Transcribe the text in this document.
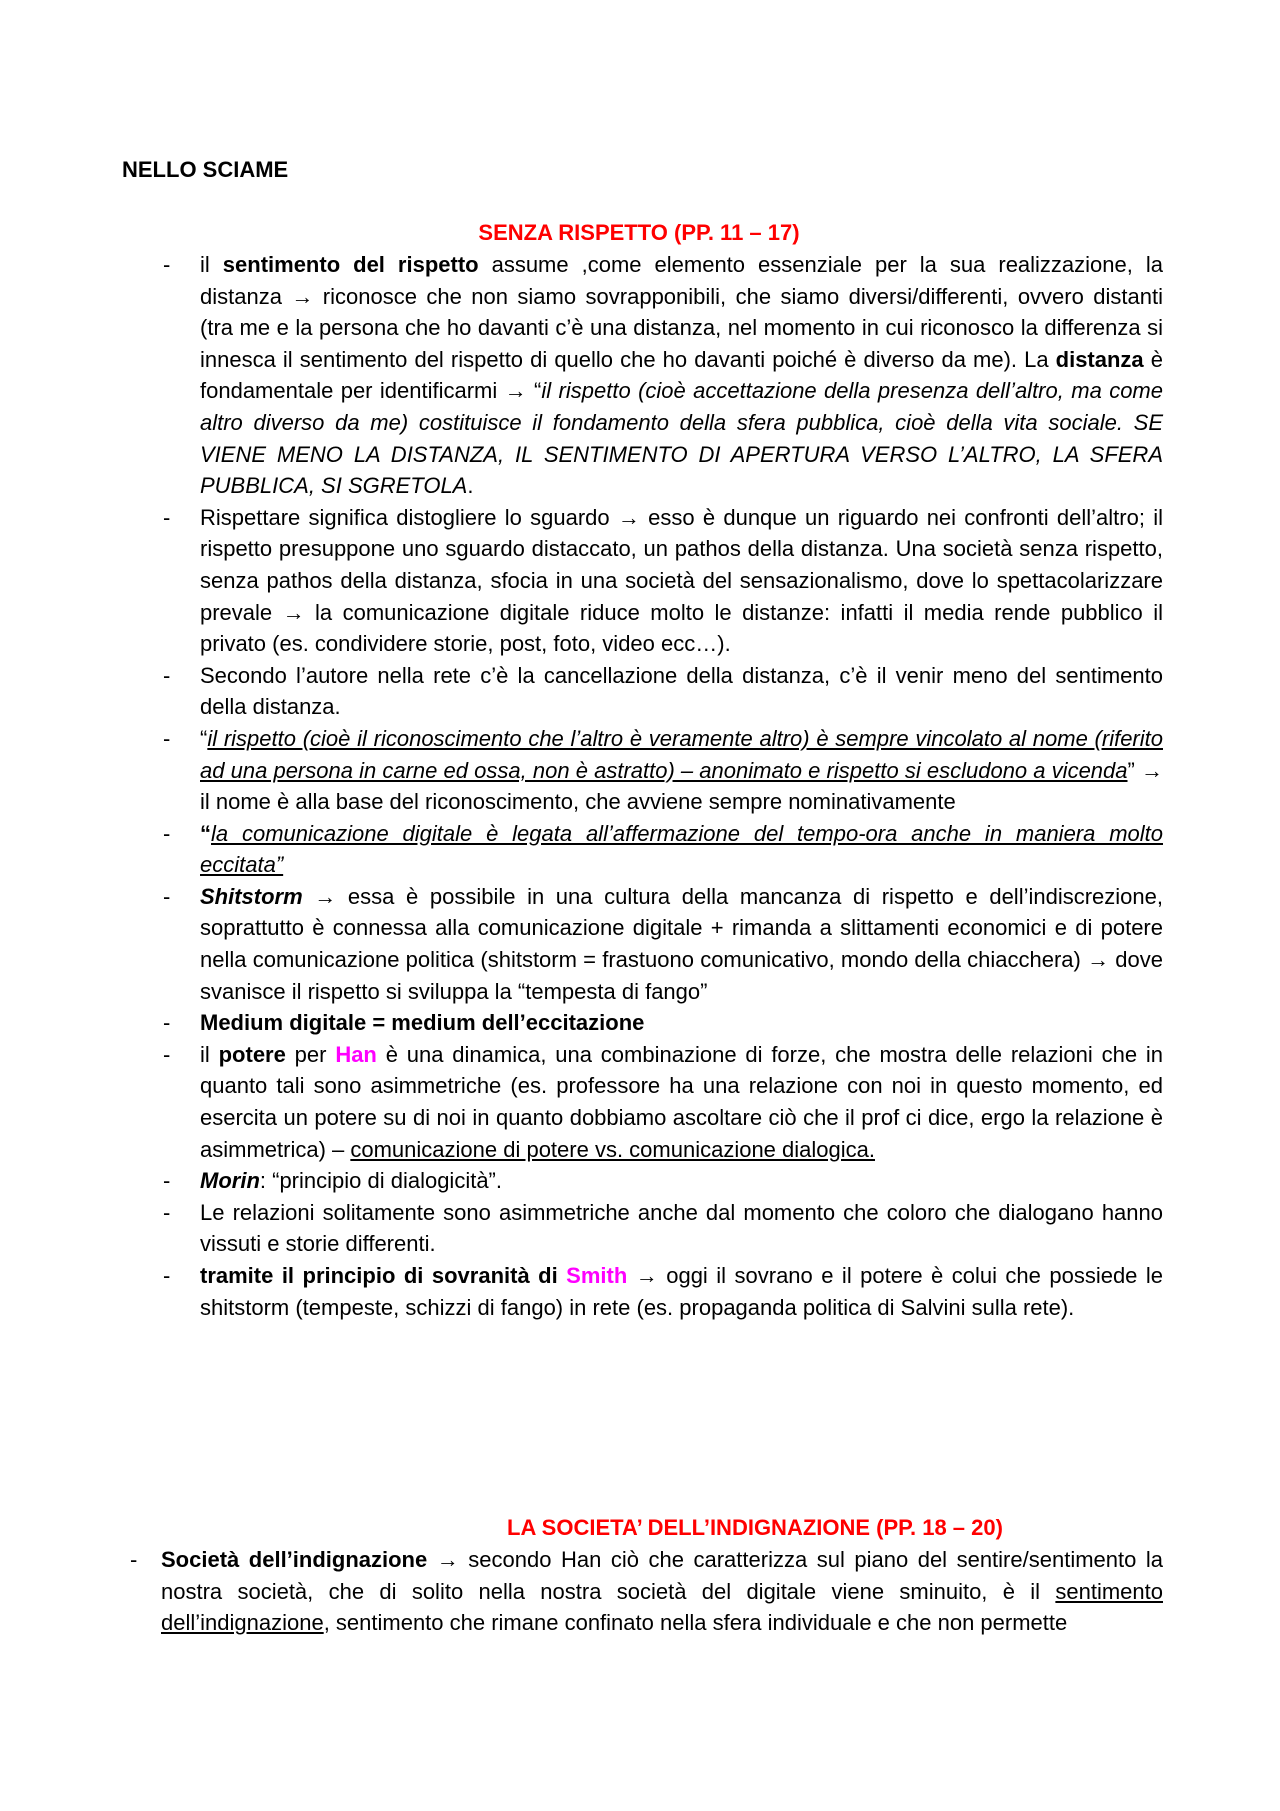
NELLO SCIAME

SENZA RISPETTO (PP. 11 – 17)

- il sentimento del rispetto assume ,come elemento essenziale per la sua realizzazione, la distanza → riconosce che non siamo sovrapponibili, che siamo diversi/differenti, ovvero distanti (tra me e la persona che ho davanti c’è una distanza, nel momento in cui riconosco la differenza si innesca il sentimento del rispetto di quello che ho davanti poiché è diverso da me). La distanza è fondamentale per identificarmi → “il rispetto (cioè accettazione della presenza dell’altro, ma come altro diverso da me) costituisce il fondamento della sfera pubblica, cioè della vita sociale. SE VIENE MENO LA DISTANZA, IL SENTIMENTO DI APERTURA VERSO L’ALTRO, LA SFERA PUBBLICA, SI SGRETOLA.
- Rispettare significa distogliere lo sguardo → esso è dunque un riguardo nei confronti dell’altro; il rispetto presuppone uno sguardo distaccato, un pathos della distanza. Una società senza rispetto, senza pathos della distanza, sfocia in una società del sensazionalismo, dove lo spettacolarizzare prevale → la comunicazione digitale riduce molto le distanze: infatti il media rende pubblico il privato (es. condividere storie, post, foto, video ecc…).
- Secondo l’autore nella rete c’è la cancellazione della distanza, c’è il venir meno del sentimento della distanza.
- “il rispetto (cioè il riconoscimento che l’altro è veramente altro) è sempre vincolato al nome (riferito ad una persona in carne ed ossa, non è astratto) – anonimato e rispetto si escludono a vicenda” → il nome è alla base del riconoscimento, che avviene sempre nominativamente
- “la comunicazione digitale è legata all’affermazione del tempo-ora anche in maniera molto eccitata”
- Shitstorm → essa è possibile in una cultura della mancanza di rispetto e dell’indiscrezione, soprattutto è connessa alla comunicazione digitale + rimanda a slittamenti economici e di potere nella comunicazione politica (shitstorm = frastuono comunicativo, mondo della chiacchera) → dove svanisce il rispetto si sviluppa la “tempesta di fango”
- Medium digitale = medium dell’eccitazione
- il potere per Han è una dinamica, una combinazione di forze, che mostra delle relazioni che in quanto tali sono asimmetriche (es. professore ha una relazione con noi in questo momento, ed esercita un potere su di noi in quanto dobbiamo ascoltare ciò che il prof ci dice, ergo la relazione è asimmetrica) – comunicazione di potere vs. comunicazione dialogica.
- Morin: “principio di dialogicità”.
- Le relazioni solitamente sono asimmetriche anche dal momento che coloro che dialogano hanno vissuti e storie differenti.
- tramite il principio di sovranità di Smith → oggi il sovrano e il potere è colui che possiede le shitstorm (tempeste, schizzi di fango) in rete (es. propaganda politica di Salvini sulla rete).

LA SOCIETA’ DELL’INDIGNAZIONE (PP. 18 – 20)

- Società dell’indignazione → secondo Han ciò che caratterizza sul piano del sentire/sentimento la nostra società, che di solito nella nostra società del digitale viene sminuito, è il sentimento dell’indignazione, sentimento che rimane confinato nella sfera individuale e che non permette
